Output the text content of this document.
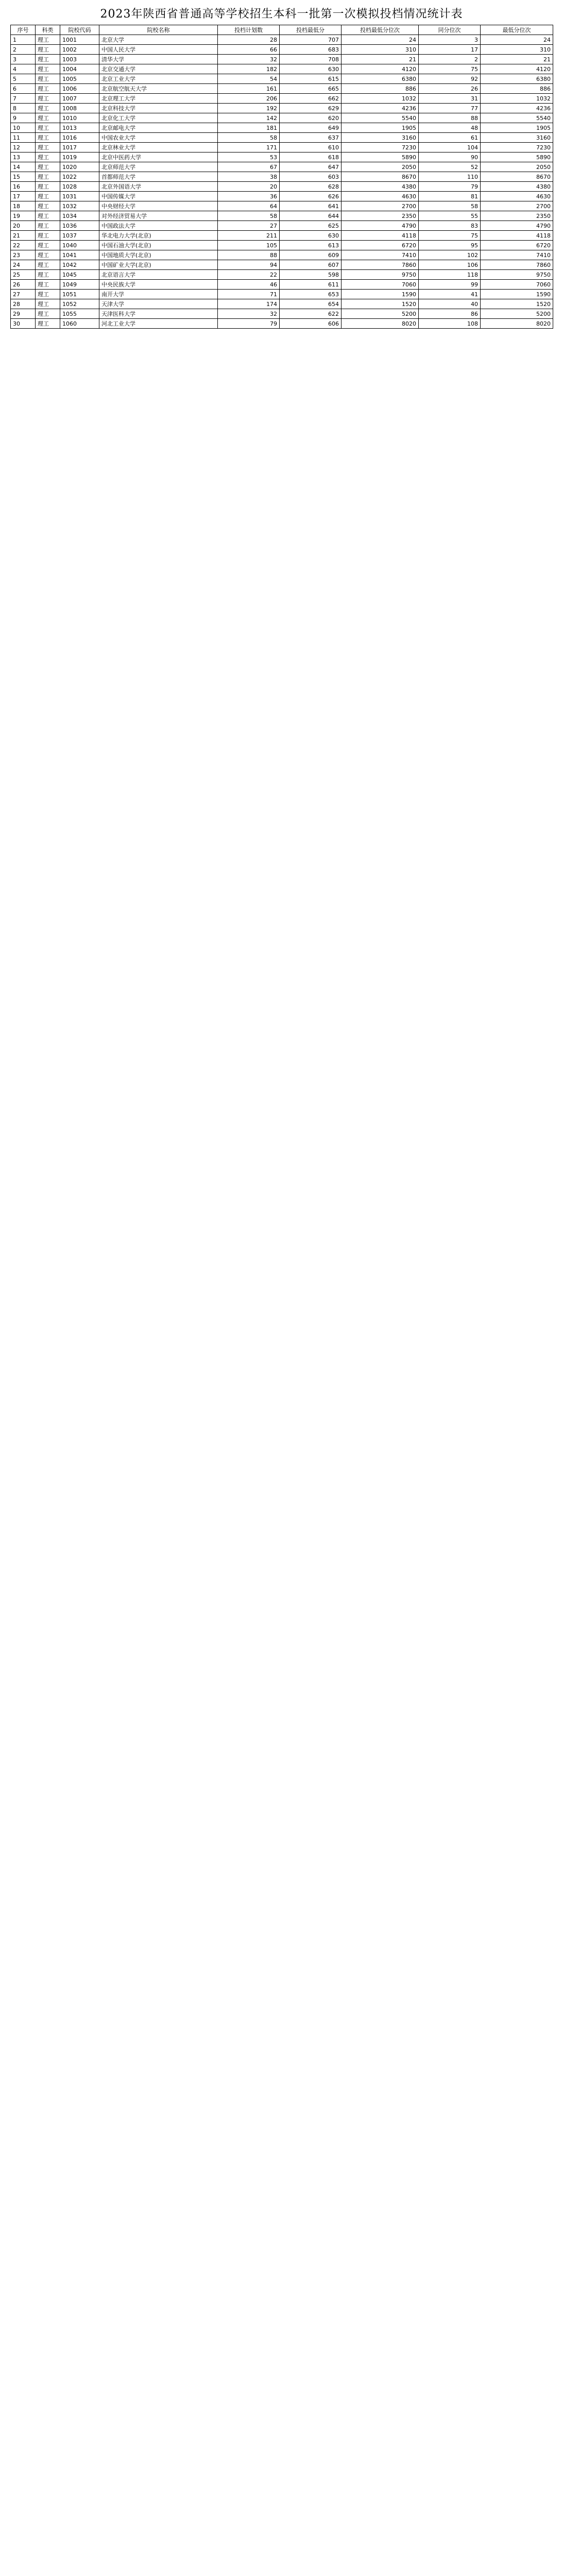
2023年陕西省普通高等学校招生本科一批第一次模拟投档情况统计表
序号	科类	院校代码	院校名称	投档计划数	投档最低分	投档最低分位次	同分位次	最低分位次
1	理工	1001	北京大学	28	707	24	3	24
2	理工	1002	中国人民大学	66	683	310	17	310
3	理工	1003	清华大学	32	708	21	2	21
4	理工	1004	北京交通大学	182	630	4120	75	4120
5	理工	1005	北京工业大学	54	615	6380	92	6380
6	理工	1006	北京航空航天大学	161	665	886	26	886
7	理工	1007	北京理工大学	206	662	1032	31	1032
8	理工	1008	北京科技大学	192	629	4236	77	4236
9	理工	1010	北京化工大学	142	620	5540	88	5540
10	理工	1013	北京邮电大学	181	649	1905	48	1905
11	理工	1016	中国农业大学	58	637	3160	61	3160
12	理工	1017	北京林业大学	171	610	7230	104	7230
13	理工	1019	北京中医药大学	53	618	5890	90	5890
14	理工	1020	北京师范大学	67	647	2050	52	2050
15	理工	1022	首都师范大学	38	603	8670	110	8670
16	理工	1028	北京外国语大学	20	628	4380	79	4380
17	理工	1031	中国传媒大学	36	626	4630	81	4630
18	理工	1032	中央财经大学	64	641	2700	58	2700
19	理工	1034	对外经济贸易大学	58	644	2350	55	2350
20	理工	1036	中国政法大学	27	625	4790	83	4790
21	理工	1037	华北电力大学(北京)	211	630	4118	75	4118
22	理工	1040	中国石油大学(北京)	105	613	6720	95	6720
23	理工	1041	中国地质大学(北京)	88	609	7410	102	7410
24	理工	1042	中国矿业大学(北京)	94	607	7860	106	7860
25	理工	1045	北京语言大学	22	598	9750	118	9750
26	理工	1049	中央民族大学	46	611	7060	99	7060
27	理工	1051	南开大学	71	653	1590	41	1590
28	理工	1052	天津大学	174	654	1520	40	1520
29	理工	1055	天津医科大学	32	622	5200	86	5200
30	理工	1060	河北工业大学	79	606	8020	108	8020
